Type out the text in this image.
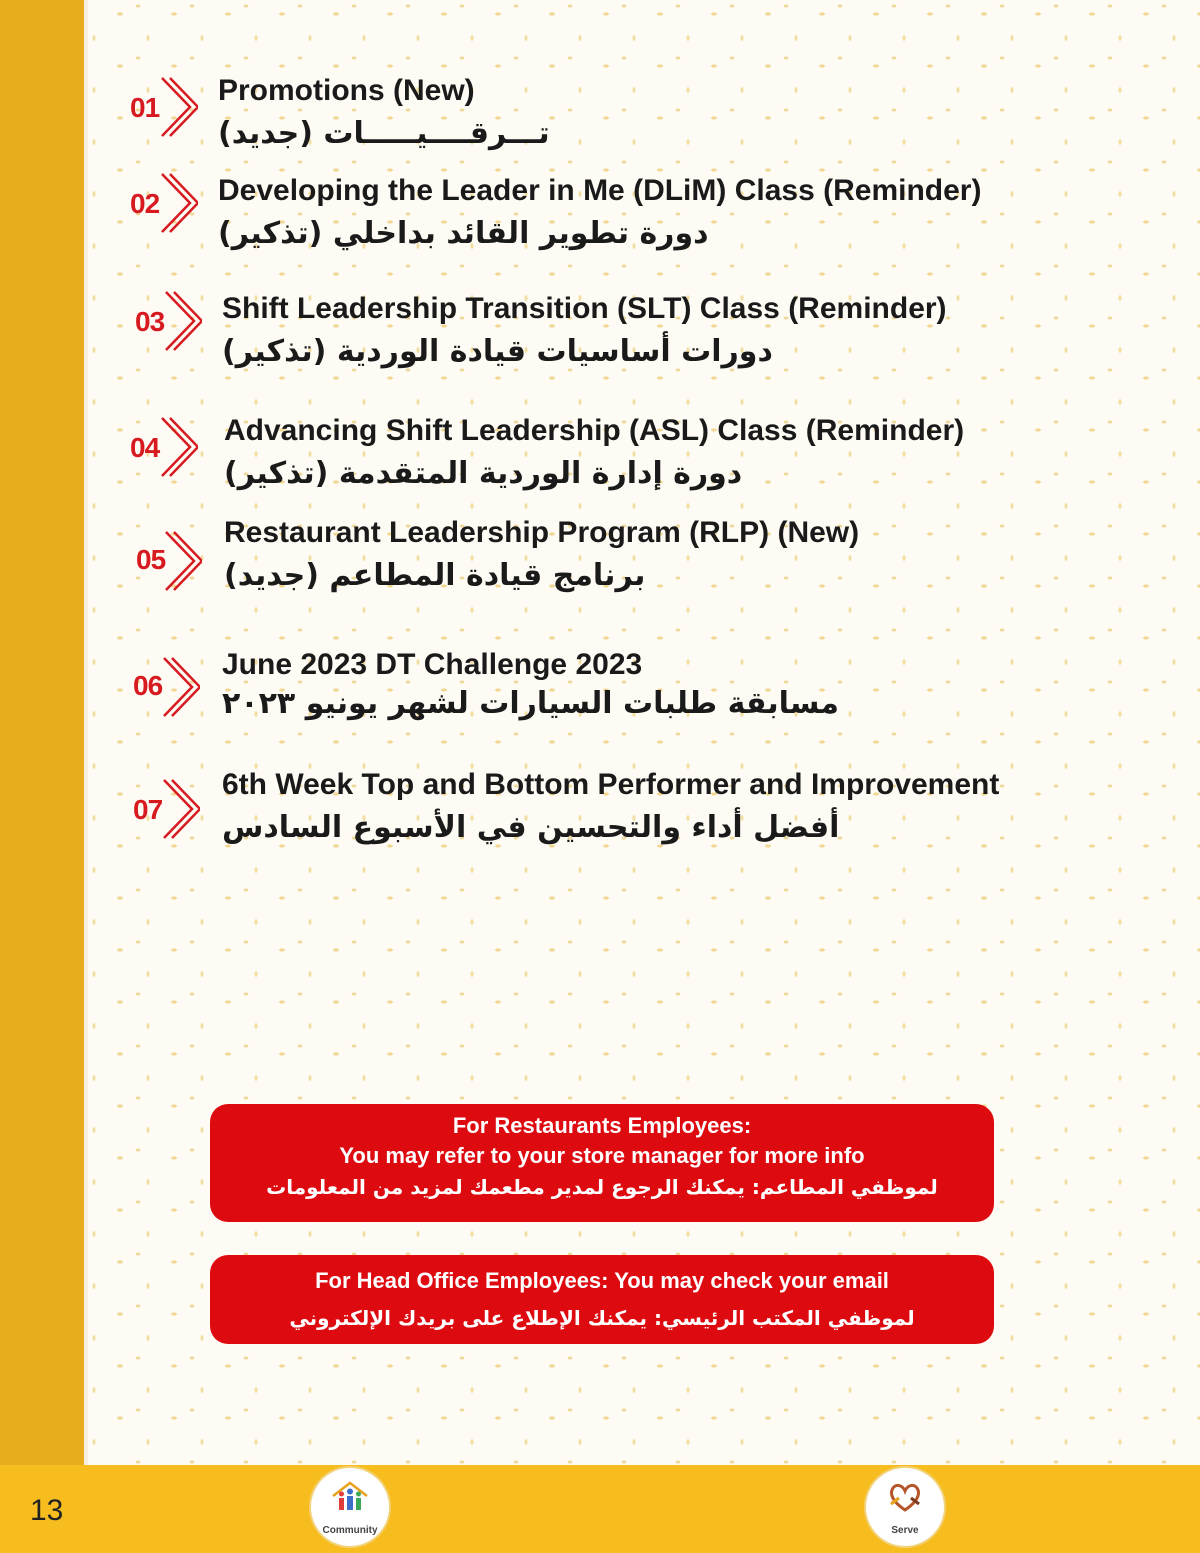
01
Promotions (New)
تـــرقــــيـــــات (جديد)
02 Developing the Leader in Me (DLiM) Class (Reminder)
دورة تطوير القائد بداخلي (تذكير)
03 Shift Leadership Transition (SLT) Class (Reminder)
دورات أساسيات قيادة الوردية (تذكير)
04
Advancing Shift Leadership (ASL) Class (Reminder)
دورة إدارة الوردية المتقدمة (تذكير)
05
Restaurant Leadership Program (RLP) (New)
برنامج قيادة المطاعم (جديد)
06
June 2023 DT Challenge 2023
مسابقة طلبات السيارات لشهر يونيو ٢٠٢٣
07
6th Week Top and Bottom Performer and Improvement
أفضل أداء والتحسين في الأسبوع السادس
For Restaurants Employees:
You may refer to your store manager for more info
لموظفي المطاعم: يمكنك الرجوع لمدير مطعمك لمزيد من المعلومات
For Head Office Employees: You may check your email
لموظفي المكتب الرئيسي: يمكنك الإطلاع على بريدك الإلكتروني
13
Community	Serve
